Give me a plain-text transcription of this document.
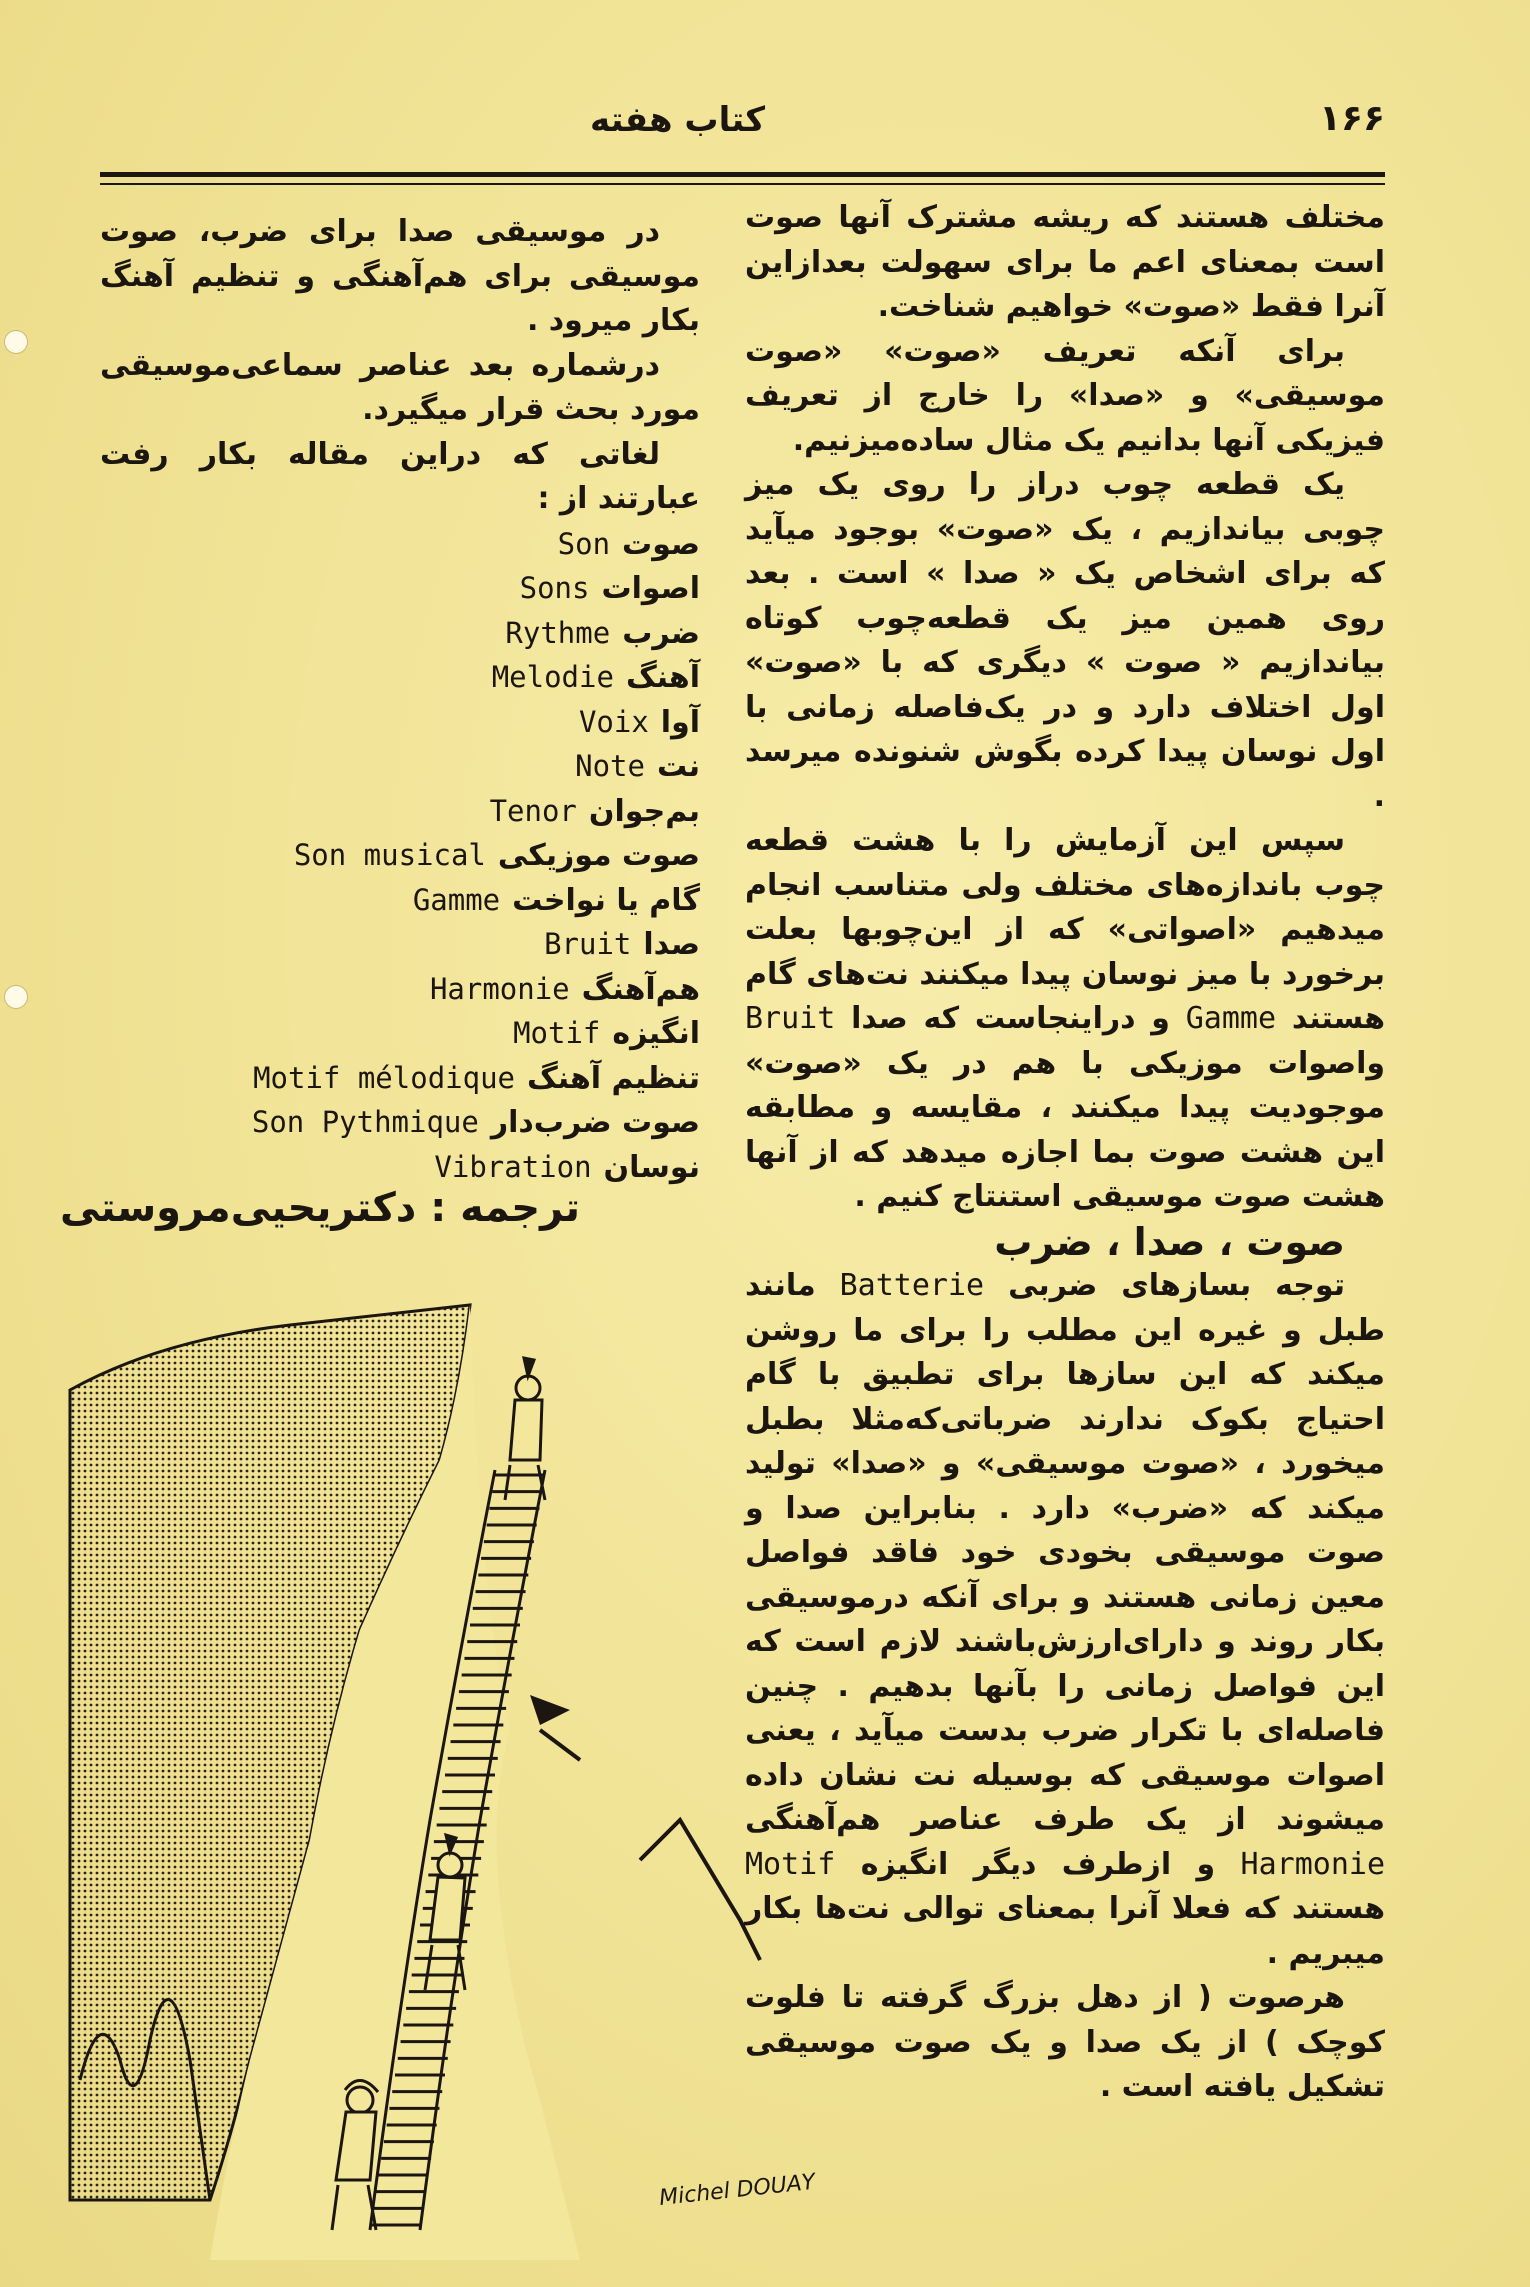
۱۶۶
کتاب هفته

مختلف هستند که ریشه مشترک آنها صوت است بمعنای اعم ما برای سهولت بعدازاین آنرا فقط «صوت» خواهیم شناخت.

برای آنکه تعریف «صوت» «صوت موسیقی» و «صدا» را خارج از تعریف فیزیکی آنها بدانیم یک مثال ساده‌میزنیم.

یک قطعه چوب دراز را روی یک میز چوبی بیاندازیم ، یک «صوت» بوجود میآید که برای اشخاص یک « صدا » است . بعد روی همین میز یک قطعه‌چوب کوتاه بیاندازیم « صوت » دیگری که با «صوت» اول اختلاف دارد و در یک‌فاصله زمانی با اول نوسان پیدا کرده بگوش شنونده میرسد .

سپس این آزمایش را با هشت قطعه چوب باندازه‌های مختلف ولی متناسب انجام میدهیم «اصواتی» که از این‌چوبها بعلت برخورد با میز نوسان پیدا میکنند نت‌های گام هستند Gamme و دراینجاست که صدا Bruit واصوات موزیکی با هم در یک «صوت» موجودیت پیدا میکنند ، مقایسه و مطابقه این هشت صوت بما اجازه میدهد که از آنها هشت صوت موسیقی استنتاج کنیم .

صوت ، صدا ، ضرب

توجه بسازهای ضربی Batterie مانند طبل و غیره این مطلب را برای ما روشن میکند که این سازها برای تطبیق با گام احتیاج بکوک ندارند ضرباتی‌که‌مثلا بطبل میخورد ، «صوت موسیقی» و «صدا» تولید میکند که «ضرب» دارد . بنابراین صدا و صوت موسیقی بخودی خود فاقد فواصل معین زمانی هستند و برای آنکه درموسیقی بکار روند و دارای‌ارزش‌باشند لازم است که این فواصل زمانی را بآنها بدهیم . چنین فاصله‌ای با تکرار ضرب بدست میآید ، یعنی اصوات موسیقی که بوسیله نت نشان داده میشوند از یک طرف عناصر هم‌آهنگی Harmonie و ازطرف دیگر انگیزه Motif هستند که فعلا آنرا بمعنای توالی نت‌ها بکار میبریم .

هرصوت ( از دهل بزرگ گرفته تا فلوت کوچک ) از یک صدا و یک صوت موسیقی تشکیل یافته است .

در موسیقی صدا برای ضرب، صوت موسیقی برای هم‌آهنگی و تنظیم آهنگ بکار میرود .

درشماره بعد عناصر سماعی‌موسیقی مورد بحث قرار میگیرد.

لغاتی که دراین مقاله بکار رفت عبارتند از :

صوتSon
اصواتSons
ضربRythme
آهنگMelodie
آواVoix
نتNote
بم‌جوانTenor
صوت موزیکیSon musical
گام یا نواختGamme
صداBruit
هم‌آهنگHarmonie
انگیزهMotif
تنظیم آهنگMotif mélodique
صوت ضرب‌دارSon Pythmique
نوسانVibration
ترجمه : دکتریحیی‌مروستی
Michel DOUAY
